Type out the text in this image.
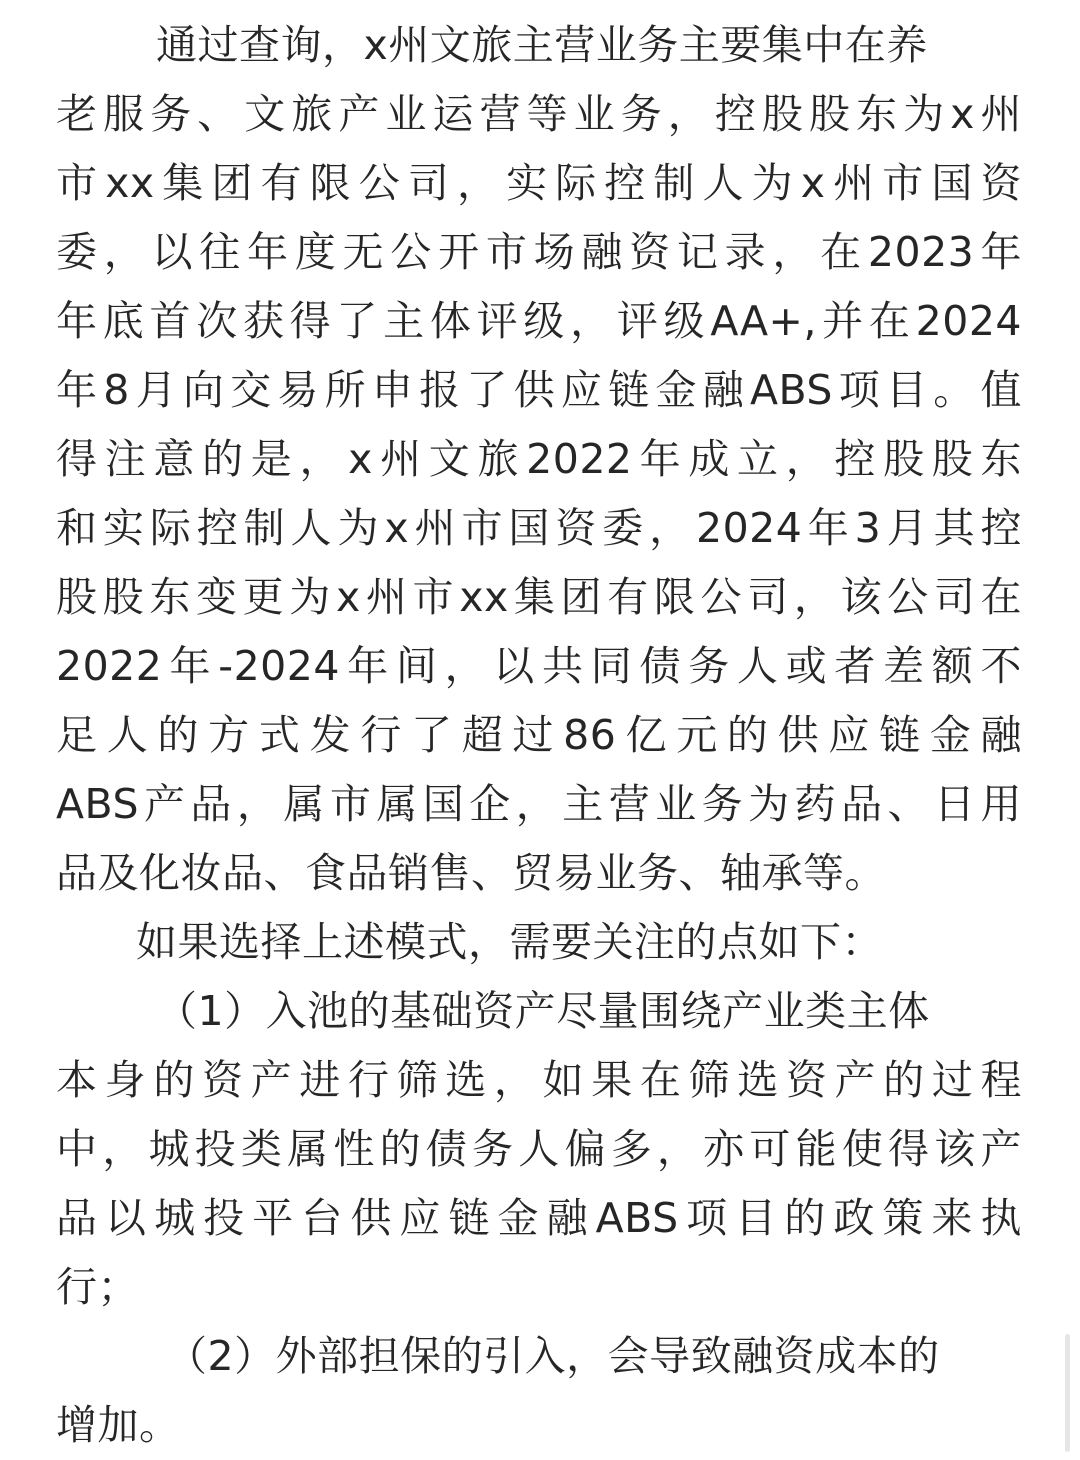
通过查询，x州文旅主营业务主要集中在养
老服务、文旅产业运营等业务，控股股东为x州
市xx集团有限公司，实际控制人为x州市国资
委，以往年度无公开市场融资记录，在2023年
年底首次获得了主体评级，评级AA+,并在2024
年8月向交易所申报了供应链金融ABS项目。值
得注意的是，x州文旅2022年成立，控股股东
和实际控制人为x州市国资委，2024年3月其控
股股东变更为x州市xx集团有限公司，该公司在
2022年-2024年间，以共同债务人或者差额不
足人的方式发行了超过86亿元的供应链金融
ABS产品，属市属国企，主营业务为药品、日用
品及化妆品、食品销售、贸易业务、轴承等。
如果选择上述模式，需要关注的点如下：
（1）入池的基础资产尽量围绕产业类主体
本身的资产进行筛选，如果在筛选资产的过程
中，城投类属性的债务人偏多，亦可能使得该产
品以城投平台供应链金融ABS项目的政策来执
行；
（2）外部担保的引入，会导致融资成本的
增加。
